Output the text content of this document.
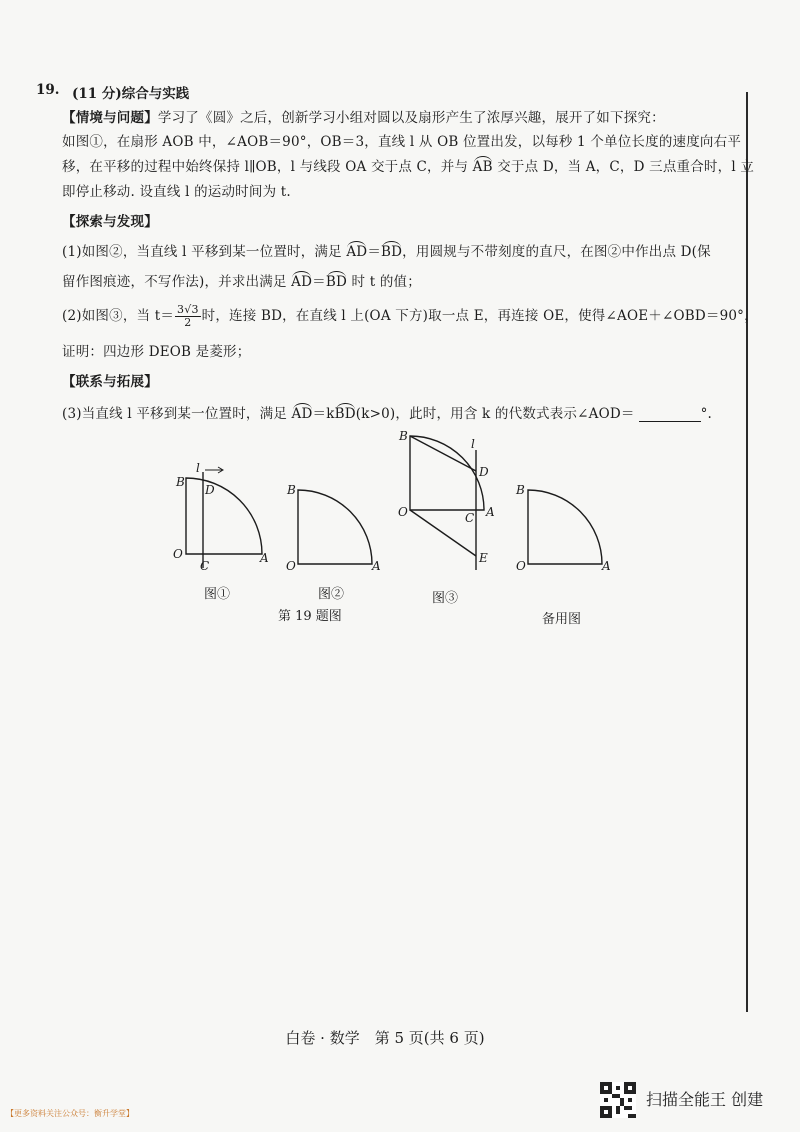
19. (11 分)综合与实践
【情境与问题】学习了《圆》之后，创新学习小组对圆以及扇形产生了浓厚兴趣，展开了如下探究：
如图①，在扇形 AOB 中，∠AOB＝90°，OB＝3，直线 l 从 OB 位置出发，以每秒 1 个单位长度的速度向右平
移，在平移的过程中始终保持 l∥OB，l 与线段 OA 交于点 C，并与 AB 交于点 D，当 A，C，D 三点重合时，l 立
即停止移动. 设直线 l 的运动时间为 t.
【探索与发现】
(1)如图②，当直线 l 平移到某一位置时，满足 AD＝BD，用圆规与不带刻度的直尺，在图②中作出点 D(保
留作图痕迹，不写作法)，并求出满足 AD＝BD 时 t 的值；
(2)如图③，当 $t= \frac{3√3}{2}$ 时，连接 BD，在直线 l 上(OA 下方)取一点 E，再连接 OE，使得∠AOE＋∠OBD＝90°，
证明：四边形 DEOB 是菱形；
【联系与拓展】
(3)当直线 l 平移到某一位置时，满足 AD＝kBD(k>0)，此时，用含 k 的代数式表示∠AOD＝	°.
B
O	A
C
D
l
B
O	A
B
O	A
C
D
E
l
B
O	A
图①	图②	图③
第 19 题图	备用图
白卷 · 数学　第 5 页(共 6 页)
【更多资料关注公众号：衡升学堂】
扫描全能王 创建
